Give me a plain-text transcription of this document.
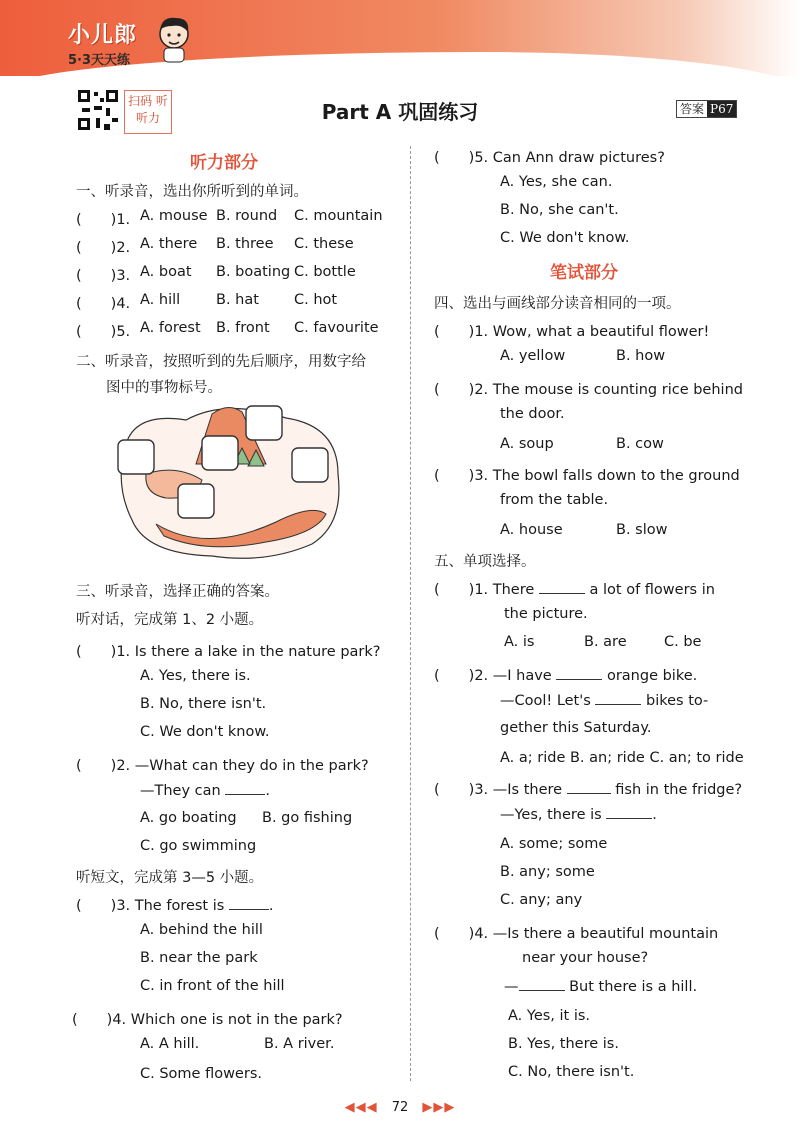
小儿郎
5·3天天练
扫码 听听力	Part A 巩固练习	答案 P67
听力部分
一、听录音，选出你所听到的单词。
(　　)1. A. mouse B. round C. mountain
(　　)2. A. there B. three C. these
(　　)3. A. boat B. boating C. bottle
(　　)4. A. hill B. hat C. hot
(　　)5. A. forest B. front C. favourite
二、听录音，按照听到的先后顺序，用数字给
图中的事物标号。
三、听录音，选择正确的答案。
听对话，完成第 1、2 小题。
(　　)1. Is there a lake in the nature park?
A. Yes, there is.
B. No, there isn't.
C. We don't know.
(　　)2. —What can they do in the park?
—They can	.
A. go boating B. go fishing
C. go swimming
听短文，完成第 3—5 小题。
(　　)3. The forest is	.
A. behind the hill
B. near the park
C. in front of the hill
(　　)4. Which one is not in the park?
A. A hill.	B. A river.
C. Some flowers.
(　　)5. Can Ann draw pictures?
A. Yes, she can.
B. No, she can't.
C. We don't know.
笔试部分
四、选出与画线部分读音相同的一项。
(　　)1. Wow, what a beautiful flower!
A. yellow	B. how
(　　)2. The mouse is counting rice behind
the door.
A. soup	B. cow
(　　)3. The bowl falls down to the ground
from the table.
A. house	B. slow
五、单项选择。
(　　)1. There	a lot of flowers in
the picture.
A. is	B. are	C. be
(　　)2. —I have	orange bike.
—Cool! Let's	bikes to-
gether this Saturday.
A. a; ride B. an; ride C. an; to ride
(　　)3. —Is there	fish in the fridge?
—Yes, there is	.
A. some; some
B. any; some
C. any; any
(　　)4. —Is there a beautiful mountain
near your house?
—	But there is a hill.
A. Yes, it is.
B. Yes, there is.
C. No, there isn't.
◀◀◀ 72 ▶▶▶
